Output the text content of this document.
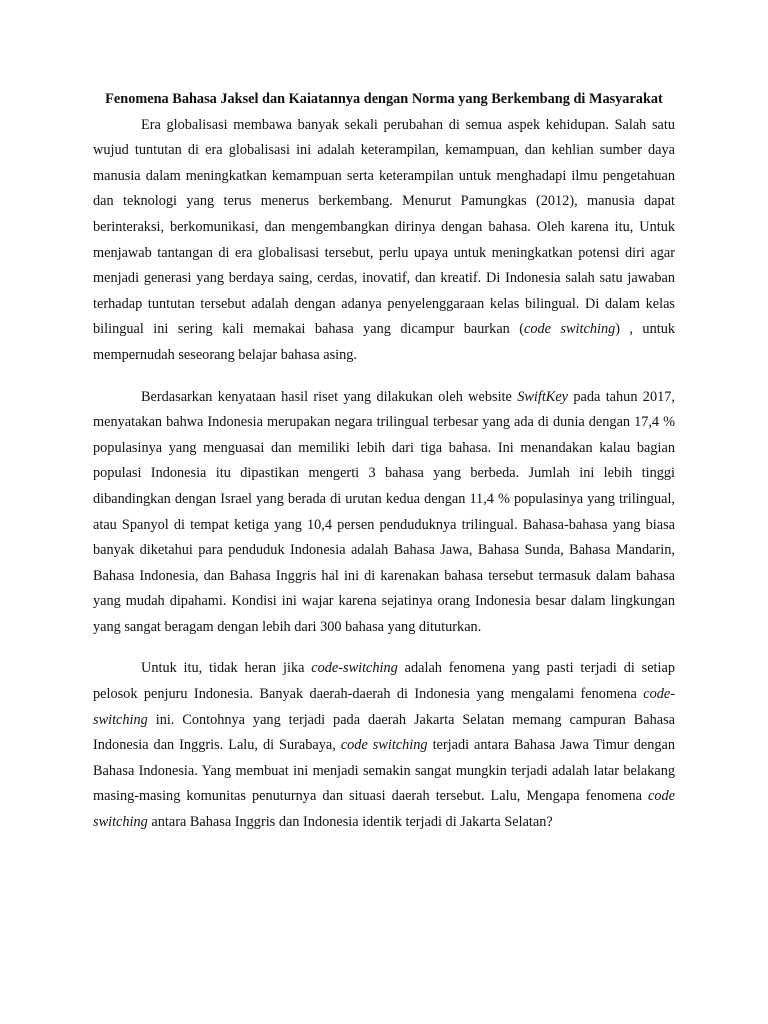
Fenomena Bahasa Jaksel dan Kaiatannya dengan Norma yang Berkembang di Masyarakat

Era globalisasi membawa banyak sekali perubahan di semua aspek kehidupan. Salah satu wujud tuntutan di era globalisasi ini adalah keterampilan, kemampuan, dan kehlian sumber daya manusia dalam meningkatkan kemampuan serta keterampilan untuk menghadapi ilmu pengetahuan dan teknologi yang terus menerus berkembang. Menurut Pamungkas (2012), manusia dapat berinteraksi, berkomunikasi, dan mengembangkan dirinya dengan bahasa. Oleh karena itu, Untuk menjawab tantangan di era globalisasi tersebut, perlu upaya untuk meningkatkan potensi diri agar menjadi generasi yang berdaya saing, cerdas, inovatif, dan kreatif. Di Indonesia salah satu jawaban terhadap tuntutan tersebut adalah dengan adanya penyelenggaraan kelas bilingual. Di dalam kelas bilingual ini sering kali memakai bahasa yang dicampur baurkan (code switching) , untuk mempernudah seseorang belajar bahasa asing.

Berdasarkan kenyataan hasil riset yang dilakukan oleh website SwiftKey pada tahun 2017, menyatakan bahwa Indonesia merupakan negara trilingual terbesar yang ada di dunia dengan 17,4 % populasinya yang menguasai dan memiliki lebih dari tiga bahasa. Ini menandakan kalau bagian populasi Indonesia itu dipastikan mengerti 3 bahasa yang berbeda. Jumlah ini lebih tinggi dibandingkan dengan Israel yang berada di urutan kedua dengan 11,4 % populasinya yang trilingual, atau Spanyol di tempat ketiga yang 10,4 persen penduduknya trilingual. Bahasa-bahasa yang biasa banyak diketahui para penduduk Indonesia adalah Bahasa Jawa, Bahasa Sunda, Bahasa Mandarin, Bahasa Indonesia, dan Bahasa Inggris hal ini di karenakan bahasa tersebut termasuk dalam bahasa yang mudah dipahami. Kondisi ini wajar karena sejatinya orang Indonesia besar dalam lingkungan yang sangat beragam dengan lebih dari 300 bahasa yang dituturkan.

Untuk itu, tidak heran jika code-switching adalah fenomena yang pasti terjadi di setiap pelosok penjuru Indonesia. Banyak daerah-daerah di Indonesia yang mengalami fenomena code-switching ini. Contohnya yang terjadi pada daerah Jakarta Selatan memang campuran Bahasa Indonesia dan Inggris. Lalu, di Surabaya, code switching terjadi antara Bahasa Jawa Timur dengan Bahasa Indonesia. Yang membuat ini menjadi semakin sangat mungkin terjadi adalah latar belakang masing-masing komunitas penuturnya dan situasi daerah tersebut. Lalu, Mengapa fenomena code switching antara Bahasa Inggris dan Indonesia identik terjadi di Jakarta Selatan?
